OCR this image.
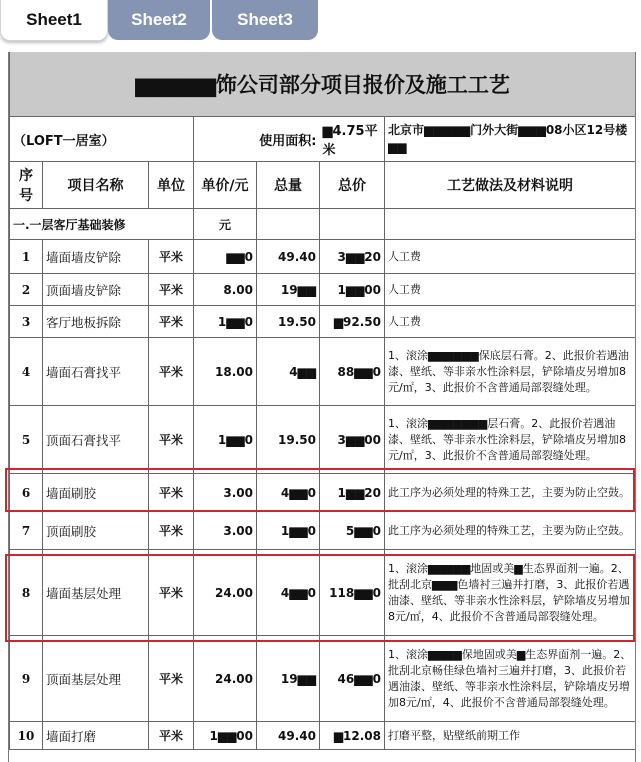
Sheet1	Sheet2	Sheet3
▆▆▆▆▆饰公司部分项目报价及施工工艺						
（LOFT一居室）			使用面积:		▆4.75平米	北京市▆▆▆▆▆门外大街▆▆▆08小区12号楼▆▆
序号	项目名称	单位	单价/元	总量	总价	工艺做法及材料说明
一.一层客厅基础装修			元			
1	墙面墙皮铲除	平米	▆▆0	49.40	3▆▆20	人工费
2	顶面墙皮铲除	平米	8.00	19▆▆	1▆▆00	人工费
3	客厅地板拆除	平米	1▆▆0	19.50	▆92.50	人工费
4	墙面石膏找平	平米	18.00	4▆▆	88▆▆0	1、滚涂▆▆▆▆▆▆保底层石膏。2、此报价若遇油漆、壁纸、等非亲水性涂料层，铲除墙皮另增加8元/㎡，3、此报价不含普通局部裂缝处理。
5	顶面石膏找平	平米	1▆▆0	19.50	3▆▆00	1、滚涂▆▆▆▆▆▆▆层石膏。2、此报价若遇油漆、壁纸、等非亲水性涂料层，铲除墙皮另增加8元/㎡，3、此报价不含普通局部裂缝处理。
6	墙面刷胶	平米	3.00	4▆▆0	1▆▆20	此工序为必须处理的特殊工艺，主要为防止空鼓。
7	顶面刷胶	平米	3.00	1▆▆0	5▆▆0	此工序为必须处理的特殊工艺，主要为防止空鼓。
8	墙面基层处理	平米	24.00	4▆▆0	118▆▆0	1、滚涂▆▆▆▆▆地固或美▆生态界面剂一遍。2、批刮北京▆▆▆色墙衬三遍并打磨，3、此报价若遇油漆、壁纸、等非亲水性涂料层，铲除墙皮另增加8元/㎡，4、此报价不含普通局部裂缝处理。
9	顶面基层处理	平米	24.00	19▆▆	46▆▆0	1、滚涂▆▆▆▆保地固或美▆生态界面剂一遍。2、批刮北京畅佳绿色墙衬三遍并打磨，3、此报价若遇油漆、壁纸、等非亲水性涂料层，铲除墙皮另增加8元/㎡，4、此报价不含普通局部裂缝处理。
10	墙面打磨	平米	1▆▆00	49.40	▆12.08	打磨平整，贴壁纸前期工作
